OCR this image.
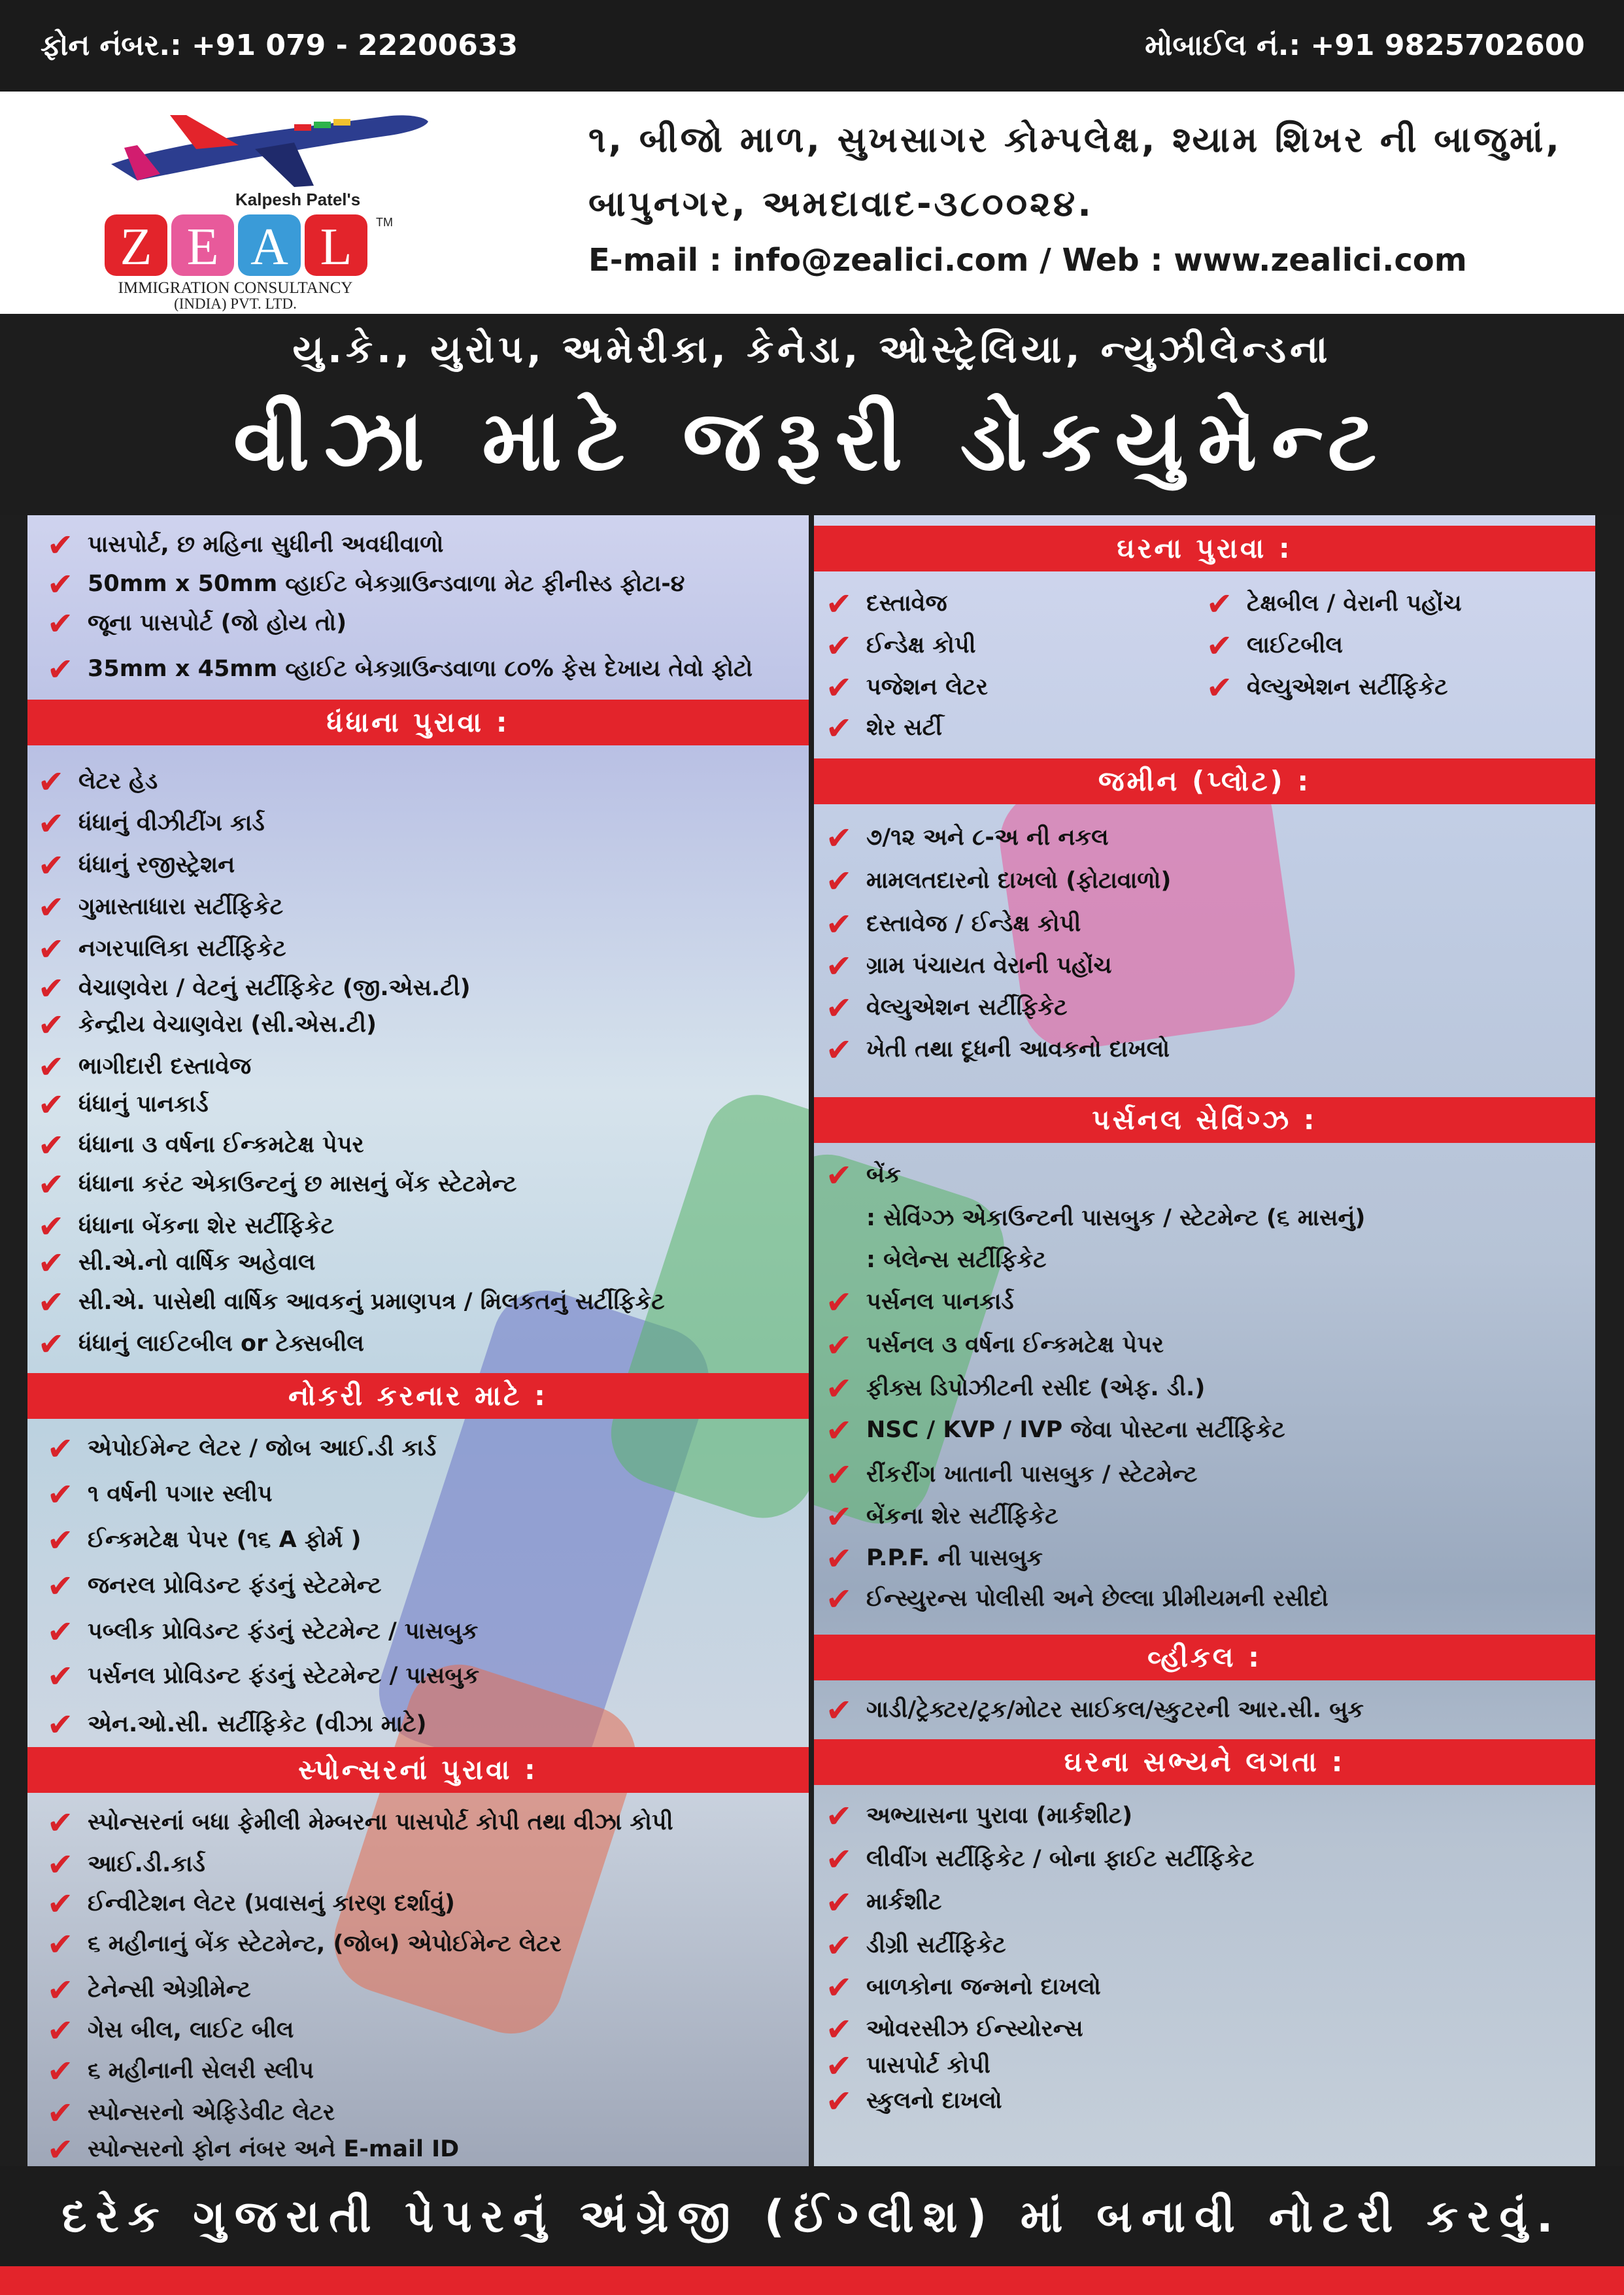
ફોન નંબર.: +91 079 - 22200633	મોબાઈલ નં.: +91 9825702600
Kalpesh Patel's
Z E A L TM
IMMIGRATION CONSULTANCY
(INDIA) PVT. LTD.
૧, બીજો માળ, સુખસાગર કોમ્પલેક્ષ, શ્યામ શિખર ની બાજુમાં,
બાપુનગર, અમદાવાદ-૩૮૦૦૨૪.
E-mail : info@zealici.com / Web : www.zealici.com
યુ.કે., યુરોપ, અમેરીકા, કેનેડા, ઓસ્ટ્રેલિયા, ન્યુઝીલેન્ડના
વીઝા માટે જરૂરી ડોકયુમેન્ટ
✔ પાસપોર્ટ, છ મહિના સુધીની અવધીવાળો
✔ 50mm x 50mm વ્હાઈટ બેકગ્રાઉન્ડવાળા મેટ ફીનીસ્ડ ફોટા-૪
✔ જૂના પાસપોર્ટ (જો હોય તો)
✔ 35mm x 45mm વ્હાઈટ બેકગ્રાઉન્ડવાળા ૮૦% ફેસ દેખાય તેવો ફોટો
ધંધાના પુરાવા :
✔ લેટર હેડ
✔ ધંધાનું વીઝીટીંગ કાર્ડ
✔ ધંધાનું રજીસ્ટ્રેશન
✔ ગુમાસ્તાધારા સર્ટીફિકેટ
✔ નગરપાલિકા સર્ટીફિકેટ
✔ વેચાણવેરા / વેટનું સર્ટીફિકેટ (જી.એસ.ટી)
✔ કેન્દ્રીય વેચાણવેરા (સી.એસ.ટી)
✔ ભાગીદારી દસ્તાવેજ
✔ ધંધાનું પાનકાર્ડ
✔ ધંધાના ૩ વર્ષના ઈન્કમટેક્ષ પેપર
✔ ધંધાના કરંટ એકાઉન્ટનું છ માસનું બેંક સ્ટેટમેન્ટ
✔ ધંધાના બેંકના શેર સર્ટીફિકેટ
✔ સી.એ.નો વાર્ષિક અહેવાલ
✔ સી.એ. પાસેથી વાર્ષિક આવકનું પ્રમાણપત્ર / મિલકતનું સર્ટીફિકેટ
✔ ધંધાનું લાઈટબીલ or ટેક્સબીલ
નોકરી કરનાર માટે :
✔ એપોઈમેન્ટ લેટર / જોબ આઈ.ડી કાર્ડ
✔ ૧ વર્ષની પગાર સ્લીપ
✔ ઈન્કમટેક્ષ પેપર (૧૬ A ફોર્મ )
✔ જનરલ પ્રોવિડન્ટ ફંડનું સ્ટેટમેન્ટ
✔ પબ્લીક પ્રોવિડન્ટ ફંડનું સ્ટેટમેન્ટ / પાસબુક
✔ પર્સનલ પ્રોવિડન્ટ ફંડનું સ્ટેટમેન્ટ / પાસબુક
✔ એન.ઓ.સી. સર્ટીફિકેટ (વીઝા માટે)
સ્પોન્સરનાં પુરાવા :
✔ સ્પોન્સરનાં બધા ફેમીલી મેમ્બરના પાસપોર્ટ કોપી તથા વીઝા કોપી
✔ આઈ.ડી.કાર્ડ
✔ ઈન્વીટેશન લેટર (પ્રવાસનું કારણ દર્શાવું)
✔ ૬ મહીનાનું બેંક સ્ટેટમેન્ટ, (જોબ) એપોઈમેન્ટ લેટર
✔ ટેનેન્સી એગ્રીમેન્ટ
✔ ગેસ બીલ, લાઈટ બીલ
✔ ૬ મહીનાની સેલરી સ્લીપ
✔ સ્પોન્સરનો એફિડેવીટ લેટર
✔ સ્પોન્સરનો ફોન નંબર અને E-mail ID
ઘરના પુરાવા :
✔ દસ્તાવેજ
✔ ઈન્ડેક્ષ કોપી
✔ પજેશન લેટર
✔ શેર સર્ટી
✔ ટેક્ષબીલ / વેરાની પહોંચ
✔ લાઈટબીલ
✔ વેલ્યુએશન સર્ટીફિકેટ
જમીન (પ્લોટ) :
✔ ૭/૧૨ અને ૮-અ ની નકલ
✔ મામલતદારનો દાખલો (ફોટાવાળો)
✔ દસ્તાવેજ / ઈન્ડેક્ષ કોપી
✔ ગ્રામ પંચાયત વેરાની પહોંચ
✔ વેલ્યુએશન સર્ટીફિકેટ
✔ ખેતી તથા દૂધની આવકનો દાખલો
પર્સનલ સેવિંગ્ઝ :
✔ બેંક
: સેવિંગ્ઝ એકાઉન્ટની પાસબુક / સ્ટેટમેન્ટ (૬ માસનું)
: બેલેન્સ સર્ટીફિકેટ
✔ પર્સનલ પાનકાર્ડ
✔ પર્સનલ ૩ વર્ષના ઈન્કમટેક્ષ પેપર
✔ ફીક્સ ડિપોઝીટની રસીદ (એફ. ડી.)
✔ NSC / KVP / IVP જેવા પોસ્ટના સર્ટીફિકેટ
✔ રીંકરીંગ ખાતાની પાસબુક / સ્ટેટમેન્ટ
✔ બેંકના શેર સર્ટીફિકેટ
✔ P.P.F. ની પાસબુક
✔ ઈન્સ્યુરન્સ પોલીસી અને છેલ્લા પ્રીમીયમની રસીદો
વ્હીકલ :
✔ ગાડી/ટ્રેક્ટર/ટ્રક/મોટર સાઈકલ/સ્કુટરની આર.સી. બુક
ઘરના સભ્યને લગતા :
✔ અભ્યાસના પુરાવા (માર્કશીટ)
✔ લીવીંગ સર્ટીફિકેટ / બોના ફાઈટ સર્ટીફિકેટ
✔ માર્કશીટ
✔ ડીગ્રી સર્ટીફિકેટ
✔ બાળકોના જન્મનો દાખલો
✔ ઓવરસીઝ ઈન્સ્યોરન્સ
✔ પાસપોર્ટ કોપી
✔ સ્કુલનો દાખલો
દરેક ગુજરાતી પેપરનું અંગ્રેજી (ઈંગ્લીશ) માં બનાવી નોટરી કરવું.
